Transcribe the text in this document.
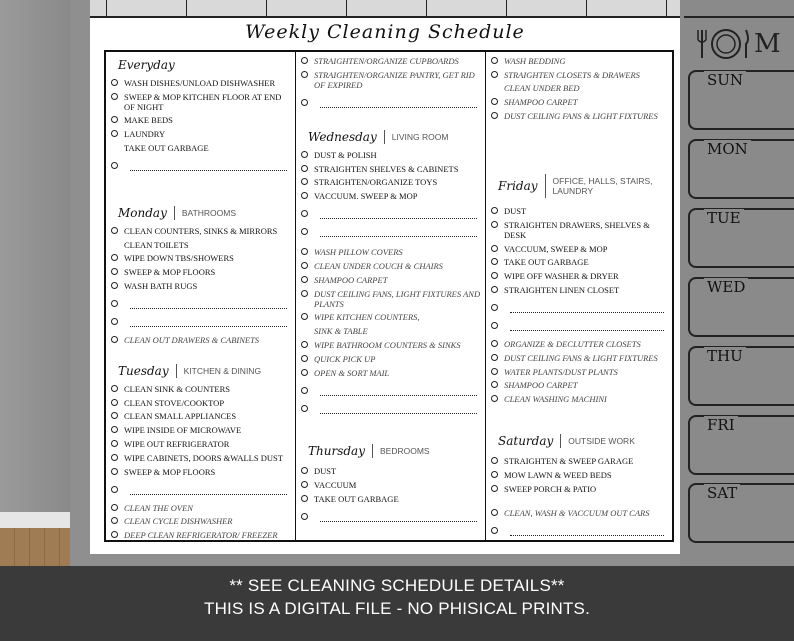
Weekly Cleaning Schedule
Everyday
WASH DISHES/UNLOAD DISHWASHER
SWEEP & MOP KITCHEN FLOOR AT END OF NIGHT
MAKE BEDS
LAUNDRY
TAKE OUT GARBAGE
Monday BATHROOMS
CLEAN COUNTERS, SINKS & MIRRORS
CLEAN TOILETS
WIPE DOWN TBS/SHOWERS
SWEEP & MOP FLOORS
WASH BATH RUGS
CLEAN OUT DRAWERS & CABINETS
Tuesday KITCHEN & DINING
CLEAN SINK & COUNTERS
CLEAN STOVE/COOKTOP
CLEAN SMALL APPLIANCES
WIPE INSIDE OF MICROWAVE
WIPE OUT REFRIGERATOR
WIPE CABINETS, DOORS &WALLS DUST
SWEEP & MOP FLOORS
CLEAN THE OVEN
CLEAN CYCLE DISHWASHER
DEEP CLEAN REFRIGERATOR/ FREEZER
STRAIGHTEN/ORGANIZE CUPBOARDS
STRAIGHTEN/ORGANIZE PANTRY, GET RID OF EXPIRED
Wednesday LIVING ROOM
DUST & POLISH
STRAIGHTEN SHELVES & CABINETS
STRAIGHTEN/ORGANIZE TOYS
VACCUUM. SWEEP & MOP
WASH PILLOW COVERS
CLEAN UNDER COUCH & CHAIRS
SHAMPOO CARPET
DUST CEILING FANS, LIGHT FIXTURES AND PLANTS
WIPE KITCHEN COUNTERS,
SINK & TABLE
WIPE BATHROOM COUNTERS & SINKS
QUICK PICK UP
OPEN & SORT MAIL
Thursday BEDROOMS
DUST
VACCUUM
TAKE OUT GARBAGE
WASH BEDDING
STRAIGHTEN CLOSETS & DRAWERS
CLEAN UNDER BED
SHAMPOO CARPET
DUST CEILING FANS & LIGHT FIXTURES
Friday OFFICE, HALLS, STAIRS, LAUNDRY
DUST
STRAIGHTEN DRAWERS, SHELVES & DESK
VACCUUM, SWEEP & MOP
TAKE OUT GARBAGE
WIPE OFF WASHER & DRYER
STRAIGHTEN LINEN CLOSET
ORGANIZE & DECLUTTER CLOSETS
DUST CEILING FANS & LIGHT FIXTURES
WATER PLANTS/DUST PLANTS
SHAMPOO CARPET
CLEAN WASHING MACHINI
Saturday OUTSIDE WORK
STRAIGHTEN & SWEEP GARAGE
MOW LAWN & WEED BEDS
SWEEP PORCH & PATIO
CLEAN, WASH & VACCUUM OUT CARS
M
SUN
MON
TUE
WED
THU
FRI
SAT
** SEE CLEANING SCHEDULE DETAILS**
THIS IS A DIGITAL FILE - NO PHISICAL PRINTS.
